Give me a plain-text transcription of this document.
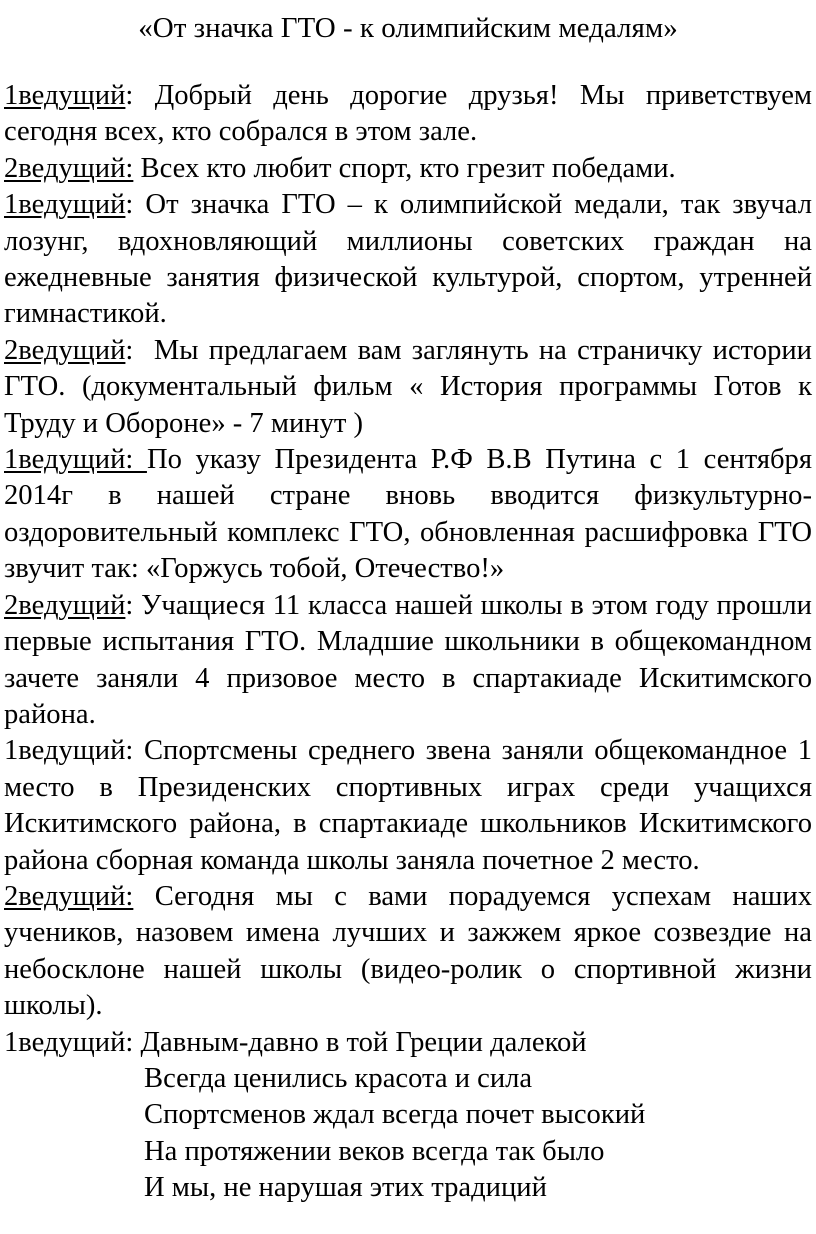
«От значка ГТО - к олимпийским медалям»

1ведущий: Добрый день дорогие друзья! Мы приветствуем сегодня всех, кто собрался в этом зале.

2ведущий: Всех кто любит спорт, кто грезит победами.

1ведущий: От значка ГТО – к олимпийской медали, так звучал лозунг, вдохновляющий миллионы советских граждан на ежедневные занятия физической культурой, спортом, утренней гимнастикой.

2ведущий:  Мы предлагаем вам заглянуть на страничку истории ГТО. (документальный фильм « История программы Готов к Труду и Обороне» - 7 минут )

1ведущий: По указу Президента Р.Ф В.В Путина с 1 сентября 2014г в нашей стране вновь вводится физкультурно-оздоровительный комплекс ГТО, обновленная расшифровка ГТО звучит так: «Горжусь тобой, Отечество!»

2ведущий: Учащиеся 11 класса нашей школы в этом году прошли первые испытания ГТО. Младшие школьники в общекомандном зачете заняли 4 призовое место в спартакиаде Искитимского района.

1ведущий: Спортсмены среднего звена заняли общекомандное 1 место в Президенских спортивных играх среди учащихся Искитимского района, в спартакиаде школьников Искитимского района сборная команда школы заняла почетное 2 место.

2ведущий: Сегодня мы с вами порадуемся успехам наших учеников, назовем имена лучших и зажжем яркое созвездие на небосклоне нашей школы (видео-ролик о спортивной жизни школы).

1ведущий: Давным-давно в той Греции далекой
Всегда ценились красота и сила
Спортсменов ждал всегда почет высокий
На протяжении веков всегда так было
И мы, не нарушая этих традиций
